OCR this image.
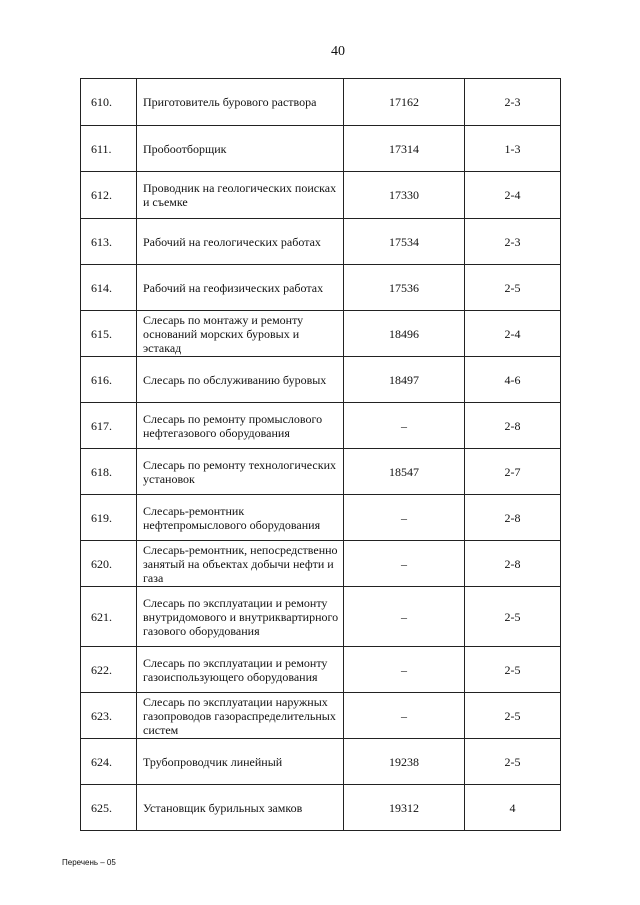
40
610.	Приготовитель бурового раствора	17162	2-3
611.	Пробоотборщик	17314	1-3
612.	Проводник на геологических поисках и съемке	17330	2-4
613.	Рабочий на геологических работах	17534	2-3
614.	Рабочий на геофизических работах	17536	2-5
615.	Слесарь по монтажу и ремонту оснований морских буровых и эстакад	18496	2-4
616.	Слесарь по обслуживанию буровых	18497	4-6
617.	Слесарь по ремонту промыслового нефтегазового оборудования	–	2-8
618.	Слесарь по ремонту технологических установок	18547	2-7
619.	Слесарь-ремонтник нефтепромыслового оборудования	–	2-8
620.	Слесарь-ремонтник, непосредственно занятый на объектах добычи нефти и газа	–	2-8
621.	Слесарь по эксплуатации и ремонту внутридомового и внутриквартирного газового оборудования	–	2-5
622.	Слесарь по эксплуатации и ремонту газоиспользующего оборудования	–	2-5
623.	Слесарь по эксплуатации наружных газопроводов газораспределительных систем	–	2-5
624.	Трубопроводчик линейный	19238	2-5
625.	Установщик бурильных замков	19312	4
Перечень – 05
